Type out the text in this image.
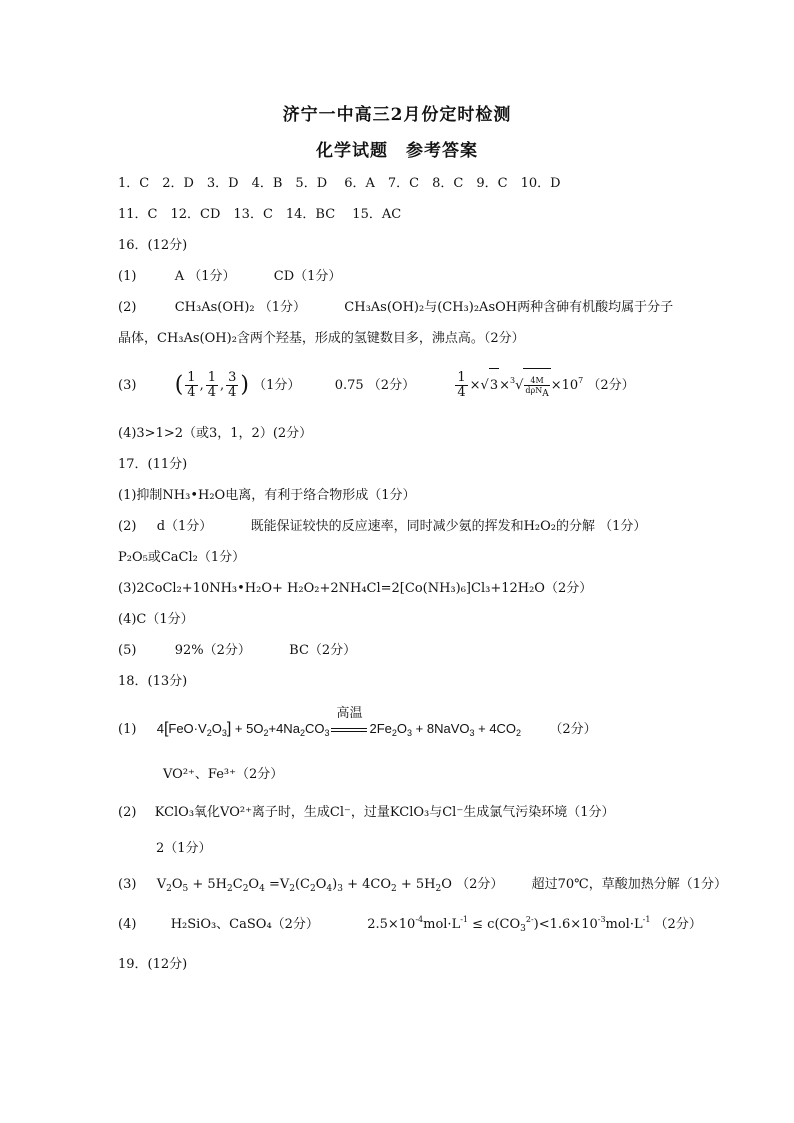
济宁一中高三2月份定时检测
化学试题　参考答案
1．C　2．D　3．D　4．B　5．D　 6．A　7．C　8．C　9．C　10．D
11．C　12．CD　13．C　14．BC　 15．AC
16．(12分)
(1)	A （1分）	CD（1分）
(2)	CH₃As(OH)₂ （1分）	CH₃As(OH)₂与(CH₃)₂AsOH两种含砷有机酸均属于分子
晶体，CH₃As(OH)₂含两个羟基，形成的氢键数目多，沸点高。（2分）
(3) ( $\frac{1}{4}$ , $\frac{1}{4}$ , $\frac{3}{4}$ ) （1分）	0.75 （2分）	$\frac{1}{4} \times√3\times^3√$ 4M
dρN$_A$
$\times 10^7$ （2分）
(4)3>1>2（或3，1，2）(2分）
17．(11分)
(1)抑制NH₃•H₂O电离，有利于络合物形成（1分）
(2) d（1分）	既能保证较快的反应速率，同时减少氨的挥发和H₂O₂的分解 （1分）
P₂O₅或CaCl₂（1分）
(3)2CoCl₂+10NH₃•H₂O+ H₂O₂+2NH₄Cl=2[Co(NH₃)₆]Cl₃+12H₂O（2分）
(4)C（1分）
(5)	92%（2分）	BC（2分）
18．(13分)
(1) $4[FeO\cdot V_2O_3] + 5O_2+4Na_2CO_3$
高温
$2Fe_2O_3$ + 8NaVO$_3$ + $4CO_2$ （2分）
VO²⁺、Fe³⁺（2分）
(2) KClO₃氧化VO²⁺离子时，生成Cl⁻，过量KClO₃与Cl⁻生成氯气污染环境（1分）
2（1分）
(3) $V_2O_5 + 5H_2C_2O_4 =V_2(C_2O_4)_3 + 4CO_2 + 5H_2O$ （2分） 超过70℃，草酸加热分解（1分）
(4)	H₂SiO₃、CaSO₄（2分）	$2.5\times 10^{-4}mol\cdot L^{-1} \le c(CO_3^{2-})<1.6\times 10^{-3}mol\cdot L^{-1}$ （2分）
19．(12分)
